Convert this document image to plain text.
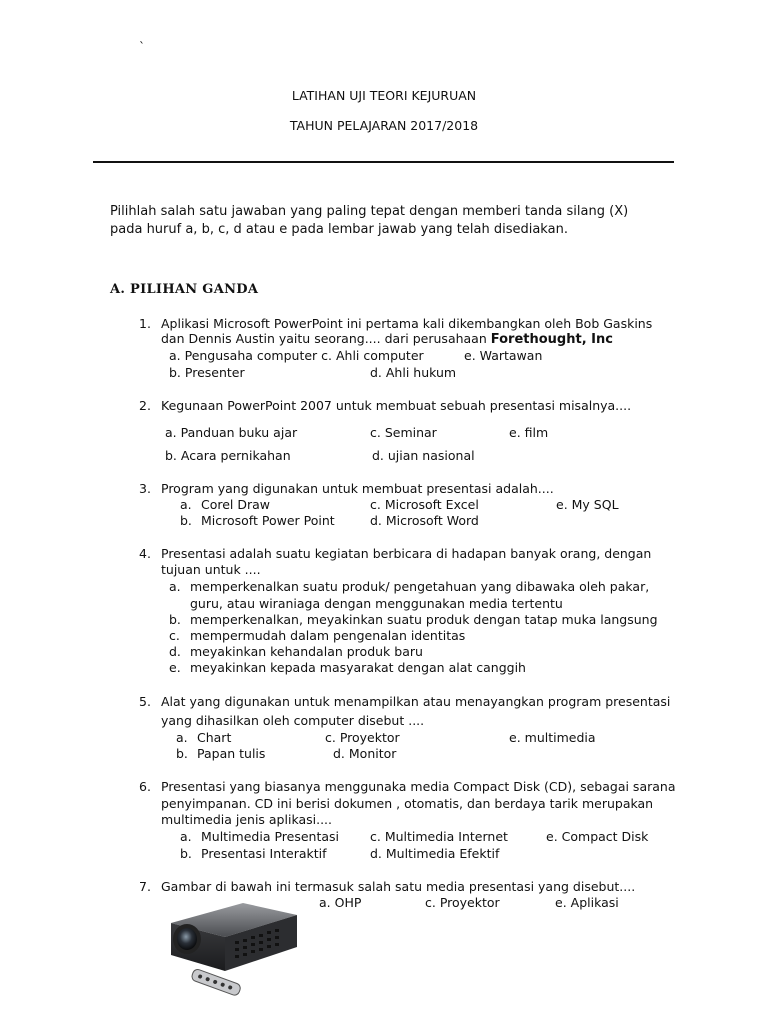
`
LATIHAN UJI TEORI KEJURUAN
TAHUN PELAJARAN 2017/2018
Pilihlah salah satu jawaban yang paling tepat dengan memberi tanda silang (X)
pada huruf a, b, c, d atau e pada lembar jawab yang telah disediakan.
A. PILIHAN GANDA
1. Aplikasi Microsoft PowerPoint ini pertama kali dikembangkan oleh Bob Gaskins
dan Dennis Austin yaitu seorang.... dari perusahaan Forethought, Inc
a. Pengusaha computer c. Ahli computer	e. Wartawan
b. Presenter	d. Ahli hukum
2. Kegunaan PowerPoint 2007 untuk membuat sebuah presentasi misalnya....
a. Panduan buku ajar	c. Seminar	e. film
b. Acara pernikahan	d. ujian nasional
3. Program yang digunakan untuk membuat presentasi adalah....
a. Corel Draw	c. Microsoft Excel	e. My SQL
b. Microsoft Power Point	d. Microsoft Word
4. Presentasi adalah suatu kegiatan berbicara di hadapan banyak orang, dengan
tujuan untuk ....
a. memperkenalkan suatu produk/ pengetahuan yang dibawaka oleh pakar,
guru, atau wiraniaga dengan menggunakan media tertentu
b. memperkenalkan, meyakinkan suatu produk dengan tatap muka langsung
c. mempermudah dalam pengenalan identitas
d. meyakinkan kehandalan produk baru
e. meyakinkan kepada masyarakat dengan alat canggih
5. Alat yang digunakan untuk menampilkan atau menayangkan program presentasi
yang dihasilkan oleh computer disebut ....
a. Chart	c. Proyektor	e. multimedia
b. Papan tulis	d. Monitor
6. Presentasi yang biasanya menggunaka media Compact Disk (CD), sebagai sarana
penyimpanan. CD ini berisi dokumen , otomatis, dan berdaya tarik merupakan
multimedia jenis aplikasi....
a. Multimedia Presentasi c. Multimedia Internet	e. Compact Disk
b. Presentasi Interaktif	d. Multimedia Efektif
7. Gambar di bawah ini termasuk salah satu media presentasi yang disebut....
a. OHP	c. Proyektor	e. Aplikasi
